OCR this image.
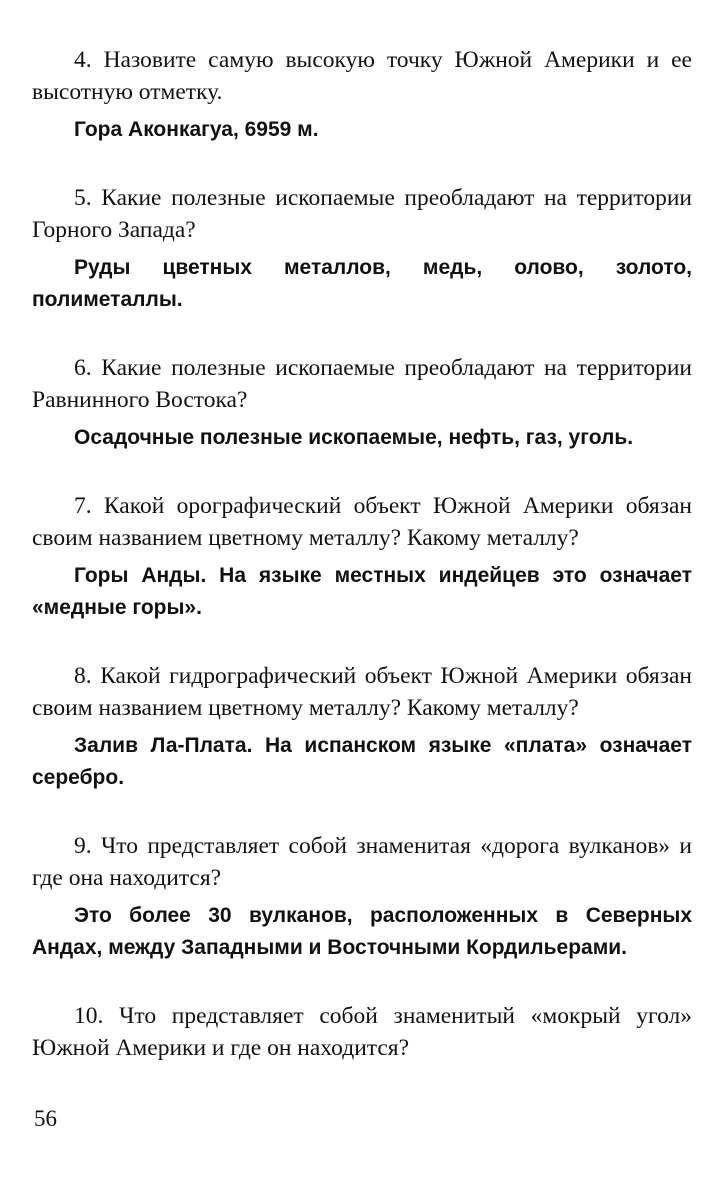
4. Назовите самую высокую точку Южной Америки и ее высотную отметку.

Гора Аконкагуа, 6959 м.

5. Какие полезные ископаемые преобладают на территории Горного Запада?

Руды цветных металлов, медь, олово, золото, полиметаллы.

6. Какие полезные ископаемые преобладают на территории Равнинного Востока?

Осадочные полезные ископаемые, нефть, газ, уголь.

7. Какой орографический объект Южной Америки обязан своим названием цветному металлу? Какому металлу?

Горы Анды. На языке местных индейцев это означает «медные горы».

8. Какой гидрографический объект Южной Америки обязан своим названием цветному металлу? Какому металлу?

Залив Ла-Плата. На испанском языке «плата» означает серебро.

9. Что представляет собой знаменитая «дорога вулканов» и где она находится?

Это более 30 вулканов, расположенных в Северных Андах, между Западными и Восточными Кордильерами.

10. Что представляет собой знаменитый «мокрый угол» Южной Америки и где он находится?

56
